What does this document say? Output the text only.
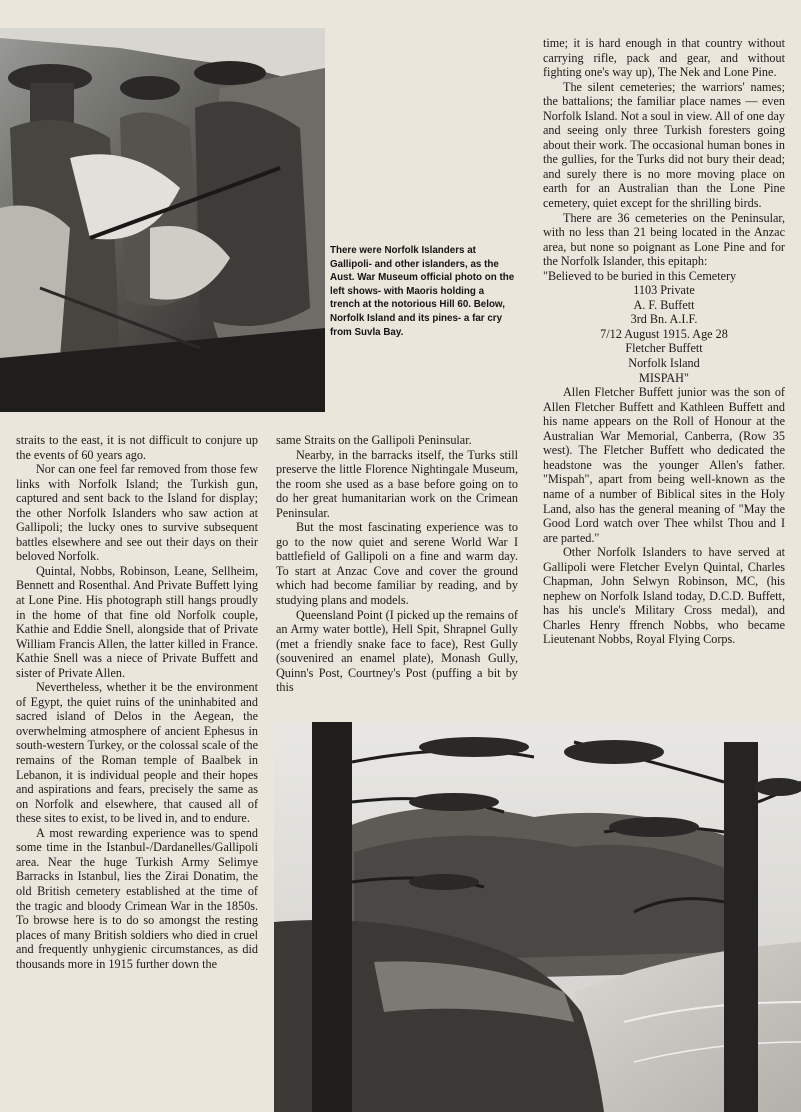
There were Norfolk Islanders at Gallipoli- and other islanders, as the Aust. War Museum official photo on the left shows- with Maoris holding a trench at the notorious Hill 60. Below, Norfolk Island and its pines- a far cry from Suvla Bay.

straits to the east, it is not difficult to conjure up the events of 60 years ago.

Nor can one feel far removed from those few links with Norfolk Island; the Turkish gun, captured and sent back to the Island for display; the other Norfolk Islanders who saw action at Gallipoli; the lucky ones to survive subsequent battles elsewhere and see out their days on their beloved Norfolk.

Quintal, Nobbs, Robinson, Leane, Sellheim, Bennett and Rosenthal. And Private Buffett lying at Lone Pine. His photograph still hangs proudly in the home of that fine old Norfolk couple, Kathie and Eddie Snell, alongside that of Private William Francis Allen, the latter killed in France. Kathie Snell was a niece of Private Buffett and sister of Private Allen.

Nevertheless, whether it be the environment of Egypt, the quiet ruins of the uninhabited and sacred island of Delos in the Aegean, the overwhelming atmosphere of ancient Ephesus in south-western Turkey, or the colossal scale of the remains of the Roman temple of Baalbek in Lebanon, it is individual people and their hopes and aspirations and fears, precisely the same as on Norfolk and elsewhere, that caused all of these sites to exist, to be lived in, and to endure.

A most rewarding experience was to spend some time in the Istanbul-/Dardanelles/Gallipoli area. Near the huge Turkish Army Selimye Barracks in Istanbul, lies the Zirai Donatim, the old British cemetery established at the time of the tragic and bloody Crimean War in the 1850s. To browse here is to do so amongst the resting places of many British soldiers who died in cruel and frequently unhygienic circumstances, as did thousands more in 1915 further down the

same Straits on the Gallipoli Peninsular.

Nearby, in the barracks itself, the Turks still preserve the little Florence Nightingale Museum, the room she used as a base before going on to do her great humanitarian work on the Crimean Peninsular.

But the most fascinating experience was to go to the now quiet and serene World War I battlefield of Gallipoli on a fine and warm day. To start at Anzac Cove and cover the ground which had become familiar by reading, and by studying plans and models.

Queensland Point (I picked up the remains of an Army water bottle), Hell Spit, Shrapnel Gully (met a friendly snake face to face), Rest Gully (souvenired an enamel plate), Monash Gully, Quinn's Post, Courtney's Post (puffing a bit by this

time; it is hard enough in that country without carrying rifle, pack and gear, and without fighting one's way up), The Nek and Lone Pine.

The silent cemeteries; the warriors' names; the battalions; the familiar place names — even Norfolk Island. Not a soul in view. All of one day and seeing only three Turkish foresters going about their work. The occasional human bones in the gullies, for the Turks did not bury their dead; and surely there is no more moving place on earth for an Australian than the Lone Pine cemetery, quiet except for the shrilling birds.

There are 36 cemeteries on the Peninsular, with no less than 21 being located in the Anzac area, but none so poignant as Lone Pine and for the Norfolk Islander, this epitaph:

"Believed to be buried in this Cemetery
1103 Private
A. F. Buffett
3rd Bn. A.I.F.
7/12 August 1915. Age 28
Fletcher Buffett
Norfolk Island
MISPAH"

Allen Fletcher Buffett junior was the son of Allen Fletcher Buffett and Kathleen Buffett and his name appears on the Roll of Honour at the Australian War Memorial, Canberra, (Row 35 west). The Fletcher Buffett who dedicated the headstone was the younger Allen's father. "Mispah", apart from being well-known as the name of a number of Biblical sites in the Holy Land, also has the general meaning of "May the Good Lord watch over Thee whilst Thou and I are parted."

Other Norfolk Islanders to have served at Gallipoli were Fletcher Evelyn Quintal, Charles Chapman, John Selwyn Robinson, MC, (his nephew on Norfolk Island today, D.C.D. Buffett, has his uncle's Military Cross medal), and Charles Henry ffrench Nobbs, who became Lieutenant Nobbs, Royal Flying Corps.
